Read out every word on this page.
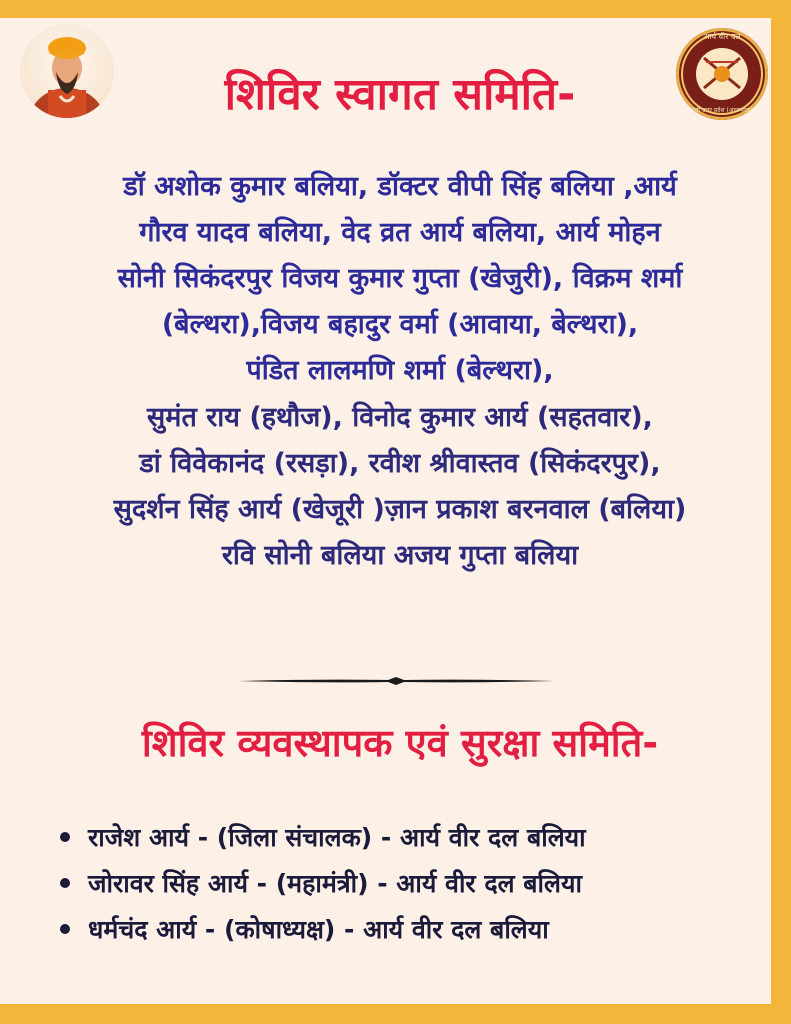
आर्य वीर दल
पूर्वी उत्तर प्रदेश (आजमगढ़)
शिविर स्वागत समिति-
डॉ अशोक कुमार बलिया, डॉक्टर वीपी सिंह बलिया ,आर्य
गौरव यादव बलिया, वेद व्रत आर्य बलिया, आर्य मोहन
सोनी सिकंदरपुर विजय कुमार गुप्ता (खेजुरी), विक्रम शर्मा
(बेल्थरा),विजय बहादुर वर्मा (आवाया, बेल्थरा),
पंडित लालमणि शर्मा (बेल्थरा),
सुमंत राय (हथौज), विनोद कुमार आर्य (सहतवार),
डां विवेकानंद (रसड़ा), रवीश श्रीवास्तव (सिकंदरपुर),
सुदर्शन सिंह आर्य (खेजूरी )ज़ान प्रकाश बरनवाल (बलिया)
रवि सोनी बलिया अजय गुप्ता बलिया
शिविर व्यवस्थापक एवं सुरक्षा समिति-
राजेश आर्य - (जिला संचालक) - आर्य वीर दल बलिया
जोरावर सिंह आर्य - (महामंत्री) - आर्य वीर दल बलिया
धर्मचंद आर्य - (कोषाध्यक्ष) - आर्य वीर दल बलिया
